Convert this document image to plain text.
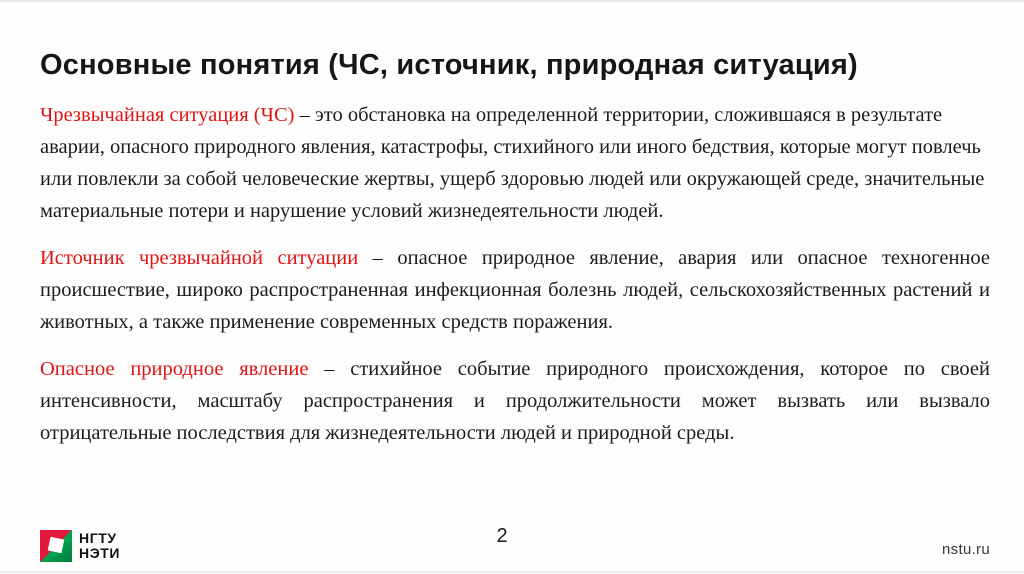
Основные понятия (ЧС, источник, природная ситуация)

Чрезвычайная ситуация (ЧС) – это обстановка на определенной территории, сложившаяся в результате аварии, опасного природного явления, катастрофы, стихийного или иного бедствия, которые могут повлечь или повлекли за собой человеческие жертвы, ущерб здоровью людей или окружающей среде, значительные материальные потери и нарушение условий жизнедеятельности людей.

Источник чрезвычайной ситуации – опасное природное явление, авария или опасное техногенное происшествие, широко распространенная инфекционная болезнь людей, сельскохозяйственных растений и животных, а также применение современных средств поражения.

Опасное природное явление – стихийное событие природного происхождения, которое по своей интенсивности, масштабу распространения и продолжительности может вызвать или вызвало отрицательные последствия для жизнедеятельности людей и природной среды.

НГТУ
НЭТИ
2
nstu.ru
